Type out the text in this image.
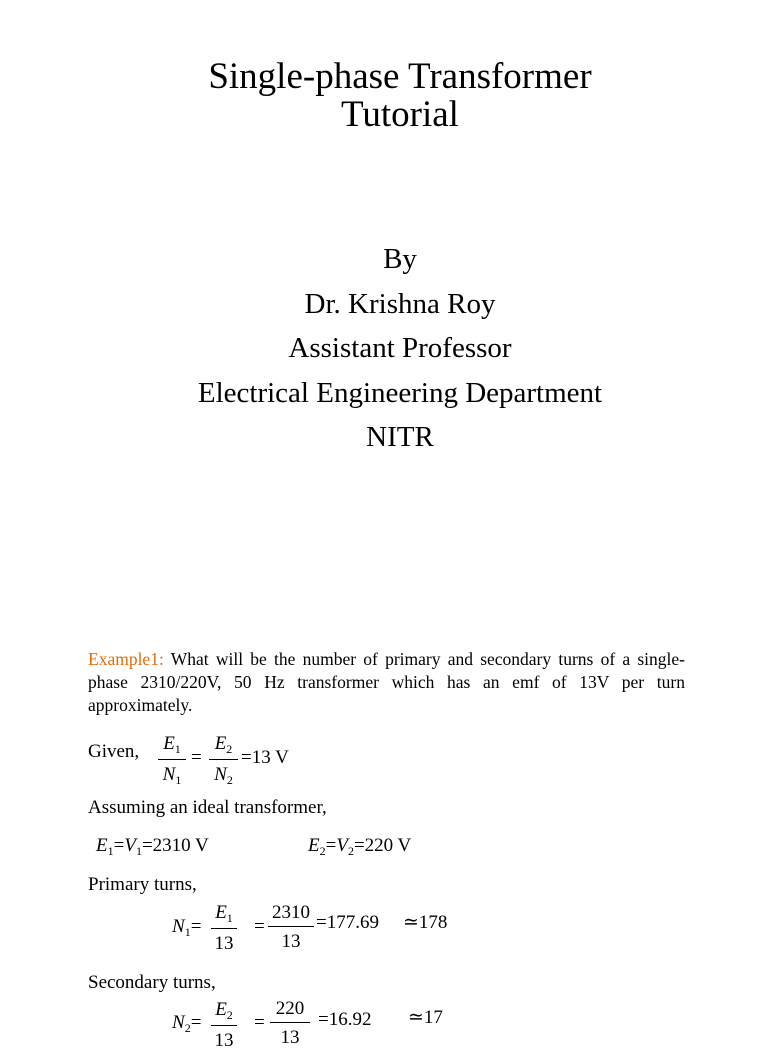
Single-phase Transformer
Tutorial
By
Dr. Krishna Roy
Assistant Professor
Electrical Engineering Department
NITR
Example1: What will be the number of primary and secondary turns of a single-phase 2310/220V, 50 Hz transformer which has an emf of 13V per turn approximately.
Given, $E_1$
$N_1$
=
$E_2$
$N_2$
=13 V
Assuming an ideal transformer,
$E_1=V_1=2310$ V	$E_2=V_2=220$ V
Primary turns,
$N_1=$
$E_1$
13
=
2310
13
=177.69 ≃178
Secondary turns,
$N_2=$
$E_2$
13
=
220
13
=16.92 ≃17
